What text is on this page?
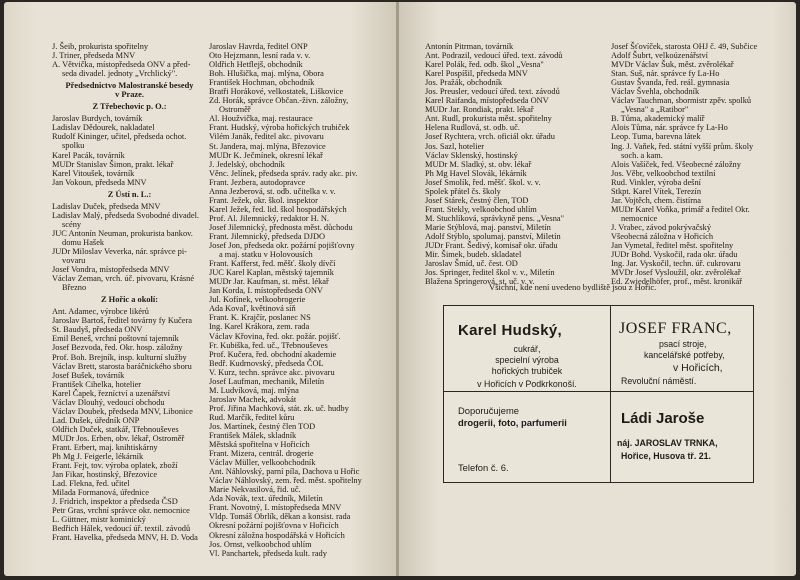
J. Šeib, prokurista spořitelny
J. Triner, předseda MNV
A. Větvička, místopředseda ONV a před-
seda divadel. jednoty „Vrchlický".
Předsednictvo Malostranské besedy
v Praze.
Z Třebechovic p. O.:
Jaroslav Burdych, továrník
Ladislav Dědourek, nakladatel
Rudolf Kininger, učitel, předseda ochot.
spolku
Karel Pacák, továrník
MUDr Stanislav Šimon, prakt. lékař
Karel Vitoušek, továrník
Jan Vokoun, předseda MNV
Z Ústí n. L.:
Ladislav Duček, předseda MNV
Ladislav Malý, předseda Svobodné divadel.
scény
JUC Antonín Neuman, prokurista bankov.
domu Hašek
JUDr Miloslav Veverka, nár. správce pi-
vovaru
Josef Vondra, místopředseda MNV
Václav Zeman, vrch. úč. pivovaru, Krásné
Březno
Z Hořic a okolí:
Ant. Adamec, výrobce likérů
Jaroslav Bartoš, ředitel továrny fy Kučera
St. Baudyš, předseda ONV
Emil Beneš, vrchní poštovní tajemník
Josef Bezvoda, řed. Okr. hosp. záložny
Prof. Boh. Brejník, insp. kulturní služby
Václav Brett, starosta baráčnického sboru
Josef Bušek, továrník
František Cihelka, hotelier
Karel Čapek, řezníctví a uzenářství
Václav Dlouhý, vedoucí obchodu
Václav Doubek, předseda MNV, Libonice
Lad. Dušek, úředník ONP
Oldřich Duček, statkář, Třebnouševes
MUDr Jos. Erben, obv. lékař, Ostroměř
Frant. Erbert, maj. knihtiskárny
Ph Mg J. Feigerle, lékárník
Frant. Fejt, tov. výroba oplatek, zboží
Jan Fikar, hostinský, Březovice
Lad. Flekna, řed. učitel
Milada Formanová, úřednice
J. Fridrich, inspektor a předseda ČSD
Petr Gras, vrchní správce okr. nemocnice
L. Güttner, mistr kominický
Bedřich Hálek, vedoucí úř. textil. závodů
Frant. Havelka, předseda MNV, H. D. Voda
Jaroslav Havrda, ředitel ONP
Oto Hejzmann, lesní rada v. v.
Oldřich Hetflejš, obchodník
Boh. Hlušička, maj. mlýna, Obora
František Hochman, obchodník
Bratři Horákové, velkostatek, Liškovice
Zd. Horák, správce Občan.-živn. záložny,
Ostroměř
Al. Houžvička, maj. restaurace
Frant. Hudský, výroba hořických trubiček
Vilém Janák, ředitel akc. pivovaru
St. Jandera, maj. mlýna, Březovice
MUDr K. Ječmínek, okresní lékař
J. Jedelský, obchodník
Věnc. Jelínek, předseda správ. rady akc. piv.
Frant. Jezbera, autodopravce
Anna Jezberová, st. odb. učitelka v. v.
Frant. Ježek, okr. škol. inspektor
Karel Ježek, řed. lid. škol hospodářských
Prof. Al. Jilemnický, redaktor H. N.
Josef Jilemnický, přednosta měst. důchodu
Frant. Jilemnický, předseda DJDO
Josef Jon, předseda okr. požární pojišťovny
a maj. statku v Holovousích
Frant. Kafferst, řed. měšť. školy dívčí
JUC Karel Kaplan, městský tajemník
MUDr Jar. Kaufman, st. měst. lékař
Jan Korda, I. místopředseda ONV
Jul. Kofínek, velkoobrogerie
Ada Kovaľ, květinová síň
Frant. K. Krajčír, poslanec NS
Ing. Karel Krákora, zem. rada
Václav Křovina, řed. okr. požár. pojišť.
Fr. Kubiška, řed. uč., Třebnouševes
Prof. Kučera, řed. obchodní akademie
Bedř. Kudrnovský, předseda ČOL
V. Kurz, techn. správce akc. pivovaru
Josef Laufman, mechanik, Miletín
M. Ludvíková, maj. mlýna
Jaroslav Machek, advokát
Prof. Jiřina Machková, stát. zk. uč. hudby
Rud. Marčík, ředitel kůru
Jos. Martínek, čestný člen TOD
František Málek, skladník
Městská spořitelna v Hořicích
Frant. Mizera, centrál. drogerie
Václav Müller, velkoobchodník
Ant. Náhlovský, parní píla, Dachova u Hořic
Václav Náhlovský, zem. řed. měst. spořitelny
Marie Nekvasilová, řid. uč.
Ada Novák, text. úředník, Miletín
Frant. Novotný, I. místopředseda MNV
Vldp. Tomáš Obrlík, děkan a konsist. rada
Okresní požární pojišťovna v Hořicích
Okresní záložna hospodářská v Hořicích
Jos. Ornst, velkoobchod uhlím
Vl. Panchartek, předseda kult. rady
Antonín Pitrman, továrník
Ant. Podrazil, vedoucí úřed. text. závodů
Karel Polák, řed. odb. škol „Vesna"
Karel Pospíšil, předseda MNV
Jos. Pražák, obchodník
Jos. Preusler, vedoucí úřed. text. závodů
Karel Raifanda, místopředseda ONV
MUDr Jar. Rondiak, prakt. lékař
Ant. Rudl, prokurista měst. spořitelny
Helena Rudlová, st. odb. uč.
Josef Rychtera, vrch. oficiál okr. úřadu
Jos. Sazl, hotelier
Václav Sklenský, hostinský
MUDr M. Sladký, st. obv. lékař
Ph Mg Havel Slovák, lékárník
Josef Smolík, řed. měšť. škol. v. v.
Spolek přátel čs. školy
Josef Stárek, čestný člen, TOD
Frant. Stekly, velkoobchod uhlím
M. Stuchlíková, správkyně pens. „Vesna"
Marie Stýblová, maj. panství, Miletín
Adolf Stýblo, spolumaj. panství, Miletín
JUDr Frant. Šedivý, komisař okr. úřadu
Mir. Šimek, budeb. skladatel
Jaroslav Šmíd, uč. čest. OD
Jos. Springer, ředitel škol v. v., Miletín
Blažena Springerová, st. uč. v. v.
Josef Šťovíček, starosta OHJ č. 49, Subčice
Adolf Šubrt, velkoúzenářství
MVDr Václav Šuk, měst. zvěrolékař
Stan. Suš, nár. správce fy La-Ho
Gustav Švanda, řed. reál. gymnasia
Václav Švehla, obchodník
Václav Tauchman, sbormistr zpěv. spolků
„Vesna" a „Ratibor"
B. Tůma, akademický malíř
Alois Tůma, nár. správce fy La-Ho
Leop. Tuma, barevna látek
Ing. J. Vaňek, řed. státní vyšší prům. školy
soch. a kam.
Alois Vašíček, řed. Všeobecné záložny
Jos. Věbr, velkoobchod textilní
Rud. Vinkler, výroba dešní
Stkpt. Karel Vítek, Terezín
Jar. Vojtěch, chem. čistírna
MUDr Karel Voňka, primář a ředitel Okr.
nemocnice
J. Vrabec, závod pokrývačský
Všeobecná záložna v Hořicích
Jan Vymetal, ředitel měst. spořitelny
JUDr Bohd. Vyskočil, rada okr. úřadu
Ing. Jar. Vyskočil, techn. úř. cukrovaru
MVDr Josef Vysloužil, okr. zvěrolékař
Ed. Zwiedelhöfer, prof., měst. kronikář
Všichni, kde není uvedeno bydliště jsou z Hořic.
Karel Hudský,
cukrář,
specielní výroba
hořických trubiček
v Hořicích v Podkrkonoší.
JOSEF FRANC,
psací stroje,
kancelářské potřeby,
v Hořicích,
Revoluční náměstí.
Doporučujeme
drogerii, foto, parfumerii
Telefon č. 6.
Ládi Jaroše
náj. JAROSLAV TRNKA,
Hořice, Husova tř. 21.
